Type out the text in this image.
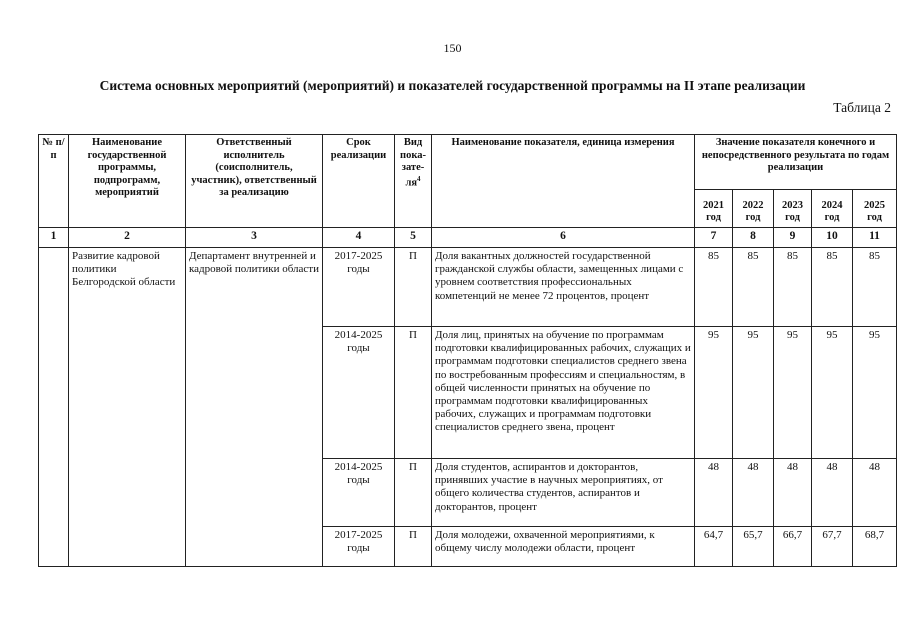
150
Система основных мероприятий (мероприятий) и показателей государственной программы на II этапе реализации
Таблица 2
№ п/п	Наименование государственной программы, подпрограмм, мероприятий	Ответственный исполнитель (соисполнитель, участник), ответственный за реализацию	Срок реализации	Вид пока-$зате-ля^4$	Наименование показателя, единица измерения	Значение показателя конечного и непосредственного результата по годам реализации				
						2021 год	2022 год	2023 год	2024 год	2025 год
1	2	3	4	5	6	7	8	9	10	11
	Развитие кадровой политики Белгородской области	Департамент внутренней и кадровой политики области	2017-2025 годы	П	Доля вакантных должностей государственной гражданской службы области, замещенных лицами с уровнем соответствия профессиональных компетенций не менее 72 процентов, процент	85	85	85	85	85
			2014-2025 годы	П	Доля лиц, принятых на обучение по программам подготовки квалифицированных рабочих, служащих и программам подготовки специалистов среднего звена по востребованным профессиям и специальностям, в общей численности принятых на обучение по программам подготовки квалифицированных рабочих, служащих и программам подготовки специалистов среднего звена, процент	95	95	95	95	95
			2014-2025 годы	П	Доля студентов, аспирантов и докторантов, принявших участие в научных мероприятиях, от общего количества студентов, аспирантов и докторантов, процент	48	48	48	48	48
			2017-2025 годы	П	Доля молодежи, охваченной мероприятиями, к общему числу молодежи области, процент	64,7	65,7	66,7	67,7	68,7
